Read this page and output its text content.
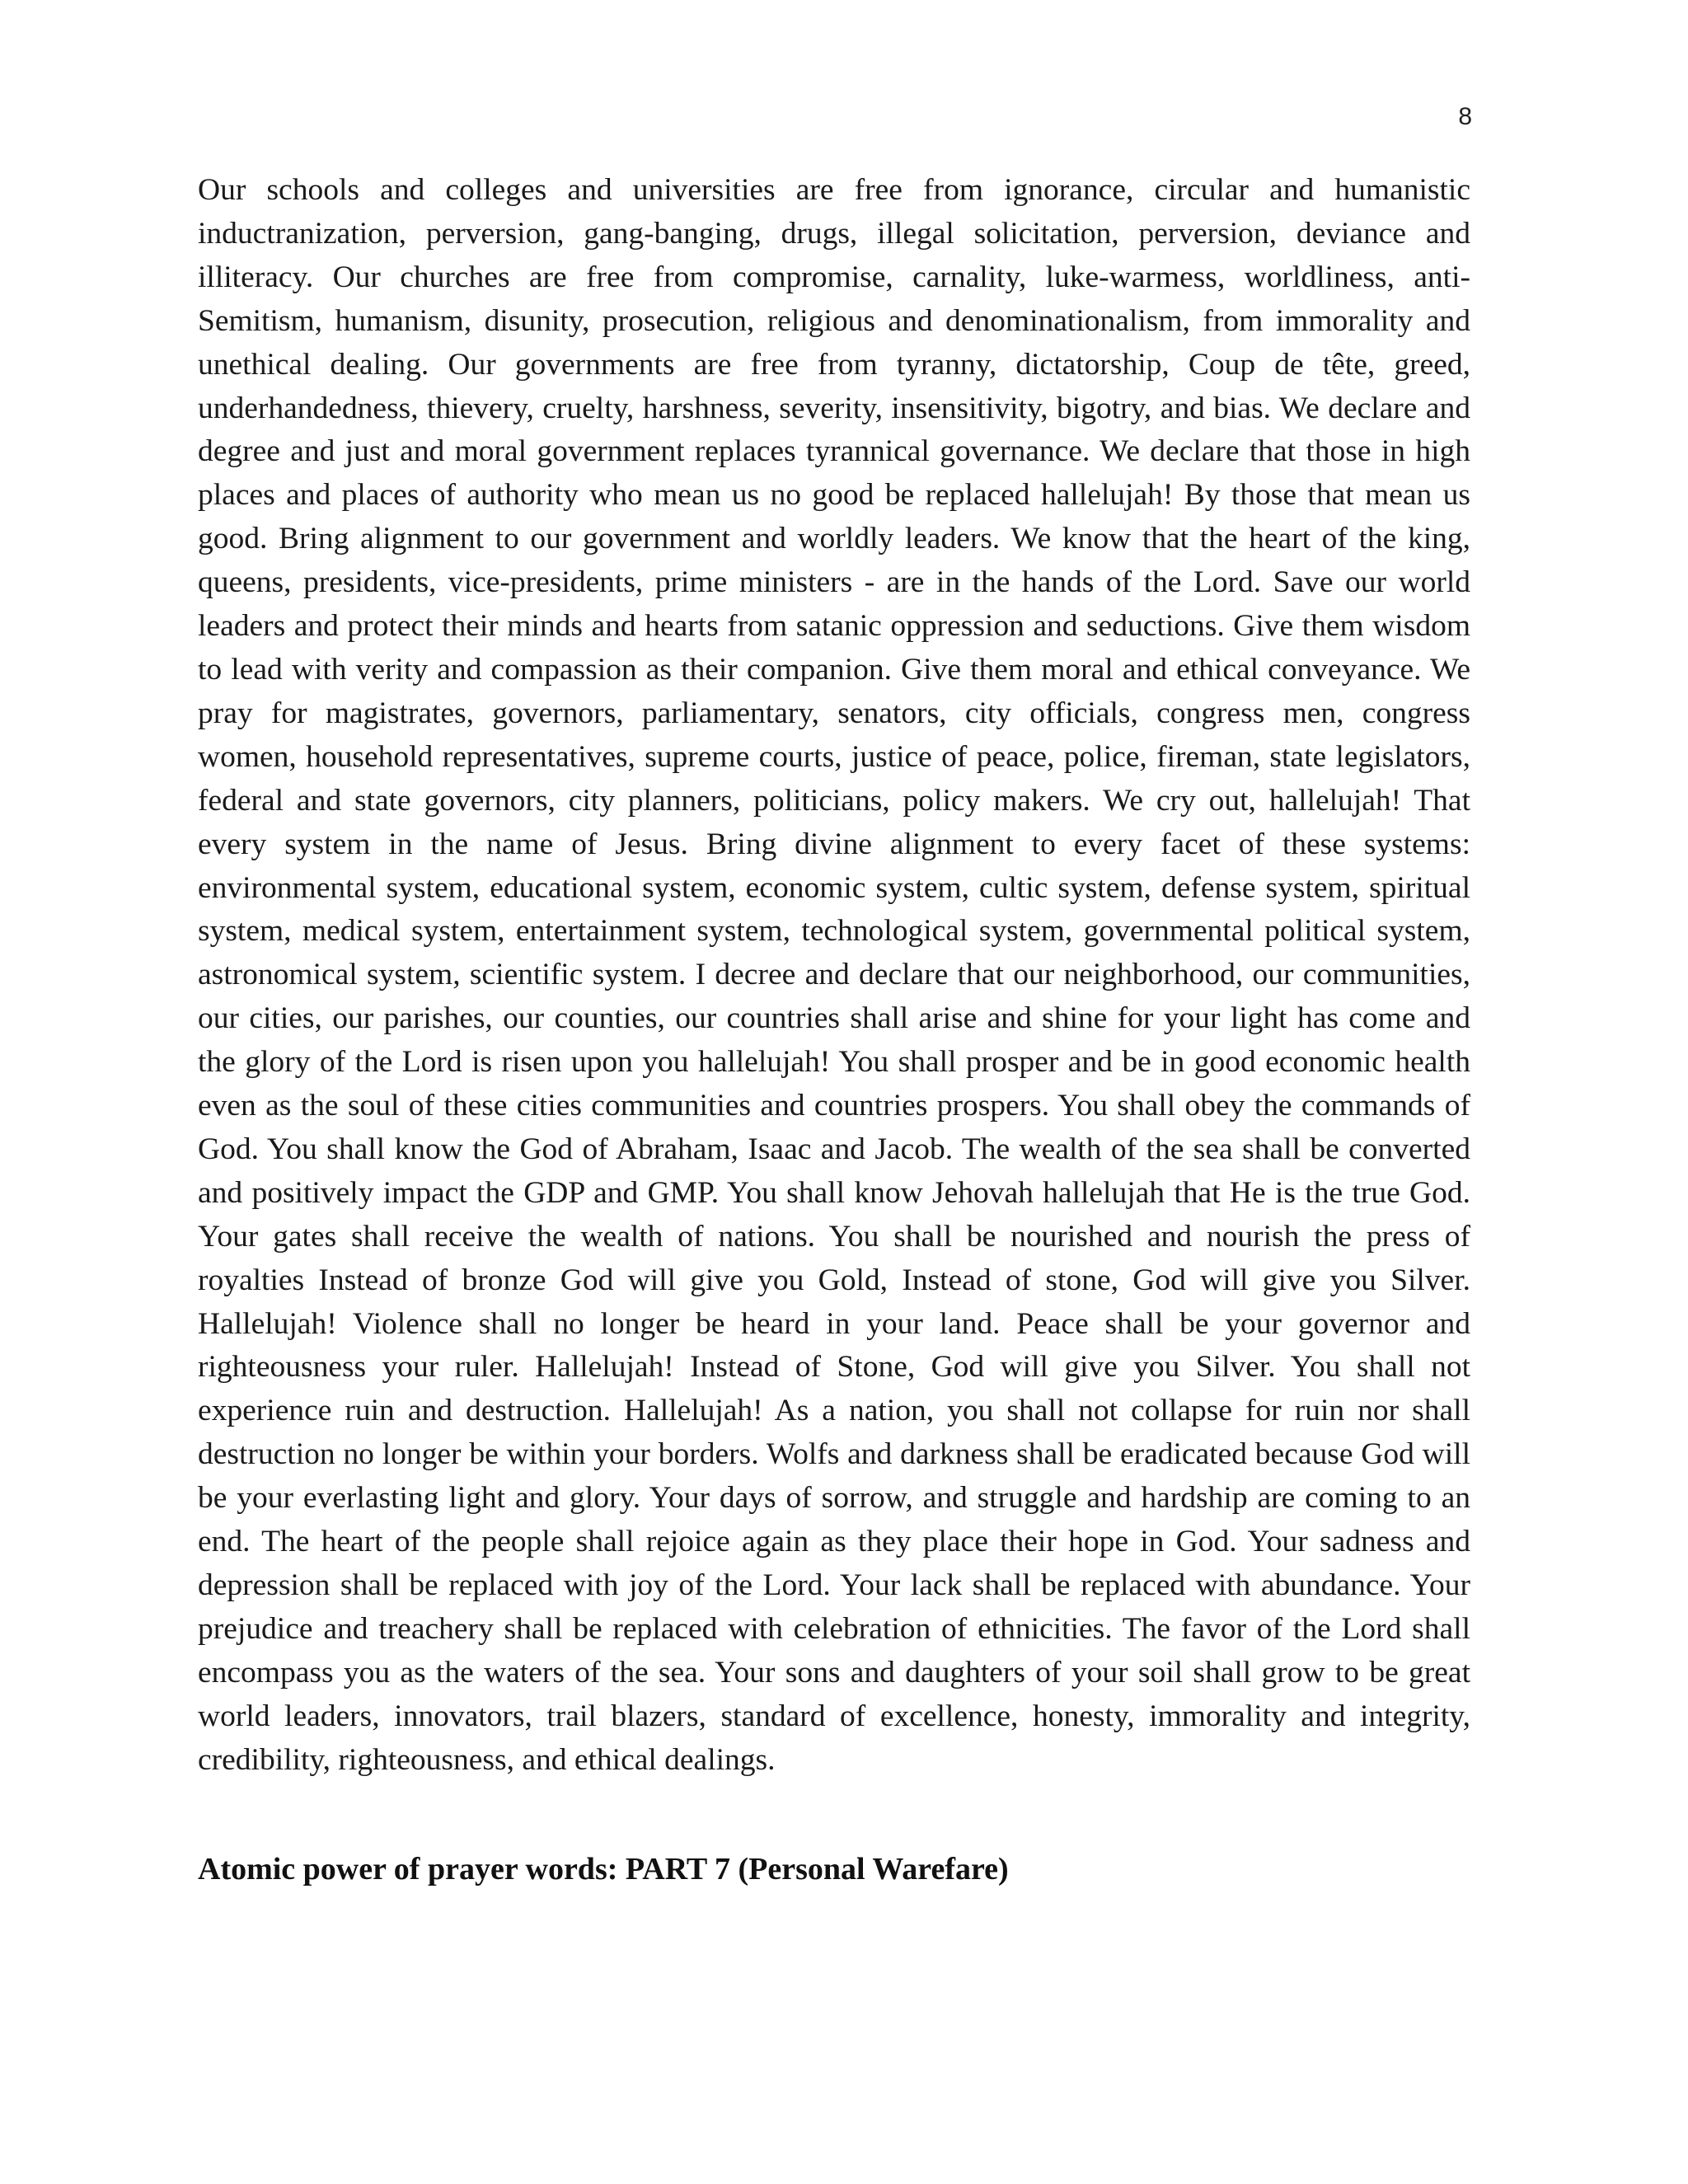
8

Our schools and colleges and universities are free from ignorance, circular and humanistic inductranization, perversion, gang-banging, drugs, illegal solicitation, perversion, deviance and illiteracy. Our churches are free from compromise, carnality, luke-warmess, worldliness, anti-Semitism, humanism, disunity, prosecution, religious and denominationalism, from immorality and unethical dealing. Our governments are free from tyranny, dictatorship, Coup de tête, greed, underhandedness, thievery, cruelty, harshness, severity, insensitivity, bigotry, and bias. We declare and degree and just and moral government replaces tyrannical governance. We declare that those in high places and places of authority who mean us no good be replaced hallelujah! By those that mean us good. Bring alignment to our government and worldly leaders. We know that the heart of the king, queens, presidents, vice-presidents, prime ministers - are in the hands of the Lord. Save our world leaders and protect their minds and hearts from satanic oppression and seductions. Give them wisdom to lead with verity and compassion as their companion. Give them moral and ethical conveyance. We pray for magistrates, governors, parliamentary, senators, city officials, congress men, congress women, household representatives, supreme courts, justice of peace, police, fireman, state legislators, federal and state governors, city planners, politicians, policy makers. We cry out, hallelujah! That every system in the name of Jesus. Bring divine alignment to every facet of these systems: environmental system, educational system, economic system, cultic system, defense system, spiritual system, medical system, entertainment system, technological system, governmental political system, astronomical system, scientific system. I decree and declare that our neighborhood, our communities, our cities, our parishes, our counties, our countries shall arise and shine for your light has come and the glory of the Lord is risen upon you hallelujah! You shall prosper and be in good economic health even as the soul of these cities communities and countries prospers. You shall obey the commands of God. You shall know the God of Abraham, Isaac and Jacob. The wealth of the sea shall be converted and positively impact the GDP and GMP. You shall know Jehovah hallelujah that He is the true God. Your gates shall receive the wealth of nations. You shall be nourished and nourish the press of royalties Instead of bronze God will give you Gold, Instead of stone, God will give you Silver. Hallelujah! Violence shall no longer be heard in your land. Peace shall be your governor and righteousness your ruler. Hallelujah! Instead of Stone, God will give you Silver. You shall not experience ruin and destruction. Hallelujah! As a nation, you shall not collapse for ruin nor shall destruction no longer be within your borders. Wolfs and darkness shall be eradicated because God will be your everlasting light and glory. Your days of sorrow, and struggle and hardship are coming to an end. The heart of the people shall rejoice again as they place their hope in God. Your sadness and depression shall be replaced with joy of the Lord. Your lack shall be replaced with abundance. Your prejudice and treachery shall be replaced with celebration of ethnicities. The favor of the Lord shall encompass you as the waters of the sea. Your sons and daughters of your soil shall grow to be great world leaders, innovators, trail blazers, standard of excellence, honesty, immorality and integrity, credibility, righteousness, and ethical dealings.

Atomic power of prayer words: PART 7 (Personal Warefare)
